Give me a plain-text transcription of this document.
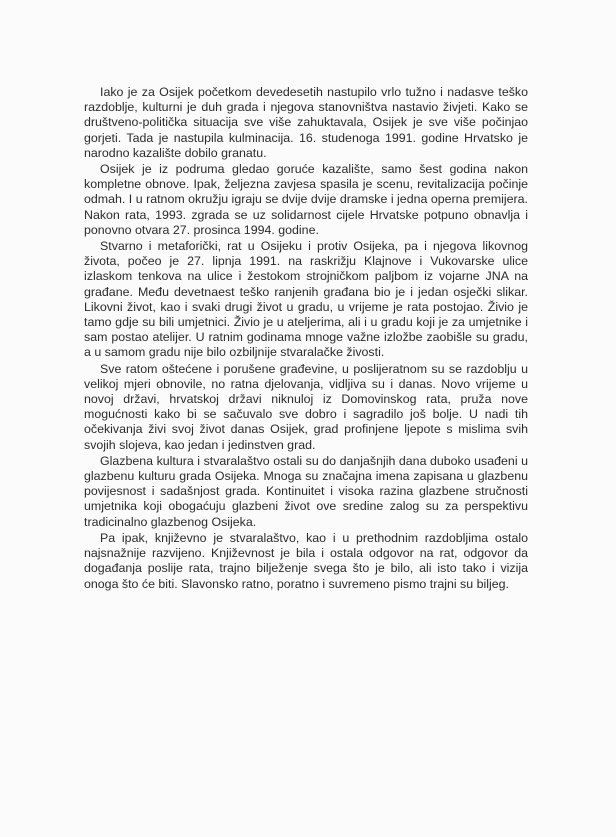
Iako je za Osijek početkom devedesetih nastupilo vrlo tužno i nadasve teško razdoblje, kulturni je duh grada i njegova stanovništva nastavio živjeti. Kako se društveno-politička situacija sve više zahuktavala, Osijek je sve više počinjao gorjeti. Tada je nastupila kulminacija. 16. studenoga 1991. godine Hrvatsko je narodno kazalište dobilo granatu.

Osijek je iz podruma gledao goruće kazalište, samo šest godina nakon kompletne obnove. Ipak, željezna zavjesa spasila je scenu, revitalizacija počinje odmah. I u ratnom okružju igraju se dvije dvije dramske i jedna operna premijera. Nakon rata, 1993. zgrada se uz solidarnost cijele Hrvatske potpuno obnavlja i ponovno otvara 27. prosinca 1994. godine.

Stvarno i metaforički, rat u Osijeku i protiv Osijeka, pa i njegova likovnog života, počeo je 27. lipnja 1991. na raskrižju Klajnove i Vukovarske ulice izlaskom tenkova na ulice i žestokom strojničkom paljbom iz vojarne JNA na građane. Među devetnaest teško ranjenih građana bio je i jedan osječki slikar. Likovni život, kao i svaki drugi život u gradu, u vrijeme je rata postojao. Živio je tamo gdje su bili umjetnici. Živio je u ateljerima, ali i u gradu koji je za umjetnike i sam postao atelijer. U ratnim godinama mnoge važne izložbe zaobišle su gradu, a u samom gradu nije bilo ozbiljnije stvaralačke živosti.

Sve ratom oštećene i porušene građevine, u poslijeratnom su se razdoblju u velikoj mjeri obnovile, no ratna djelovanja, vidljiva su i danas. Novo vrijeme u novoj državi, hrvatskoj državi niknuloj iz Domovinskog rata, pruža nove mogućnosti kako bi se sačuvalo sve dobro i sagradilo još bolje. U nadi tih očekivanja živi svoj život danas Osijek, grad profinjene ljepote s mislima svih svojih slojeva, kao jedan i jedinstven grad.

Glazbena kultura i stvaralaštvo ostali su do danjašnjih dana duboko usađeni u glazbenu kulturu grada Osijeka. Mnoga su značajna imena zapisana u glazbenu povijesnost i sadašnjost grada. Kontinuitet i visoka razina glazbene stručnosti umjetnika koji obogaćuju glazbeni život ove sredine zalog su za perspektivu tradicinalno glazbenog Osijeka.

Pa ipak, književno je stvaralaštvo, kao i u prethodnim razdobljima ostalo najsnažnije razvijeno. Književnost je bila i ostala odgovor na rat, odgovor da događanja poslije rata, trajno bilježenje svega što je bilo, ali isto tako i vizija onoga što će biti. Slavonsko ratno, poratno i suvremeno pismo trajni su biljeg.
